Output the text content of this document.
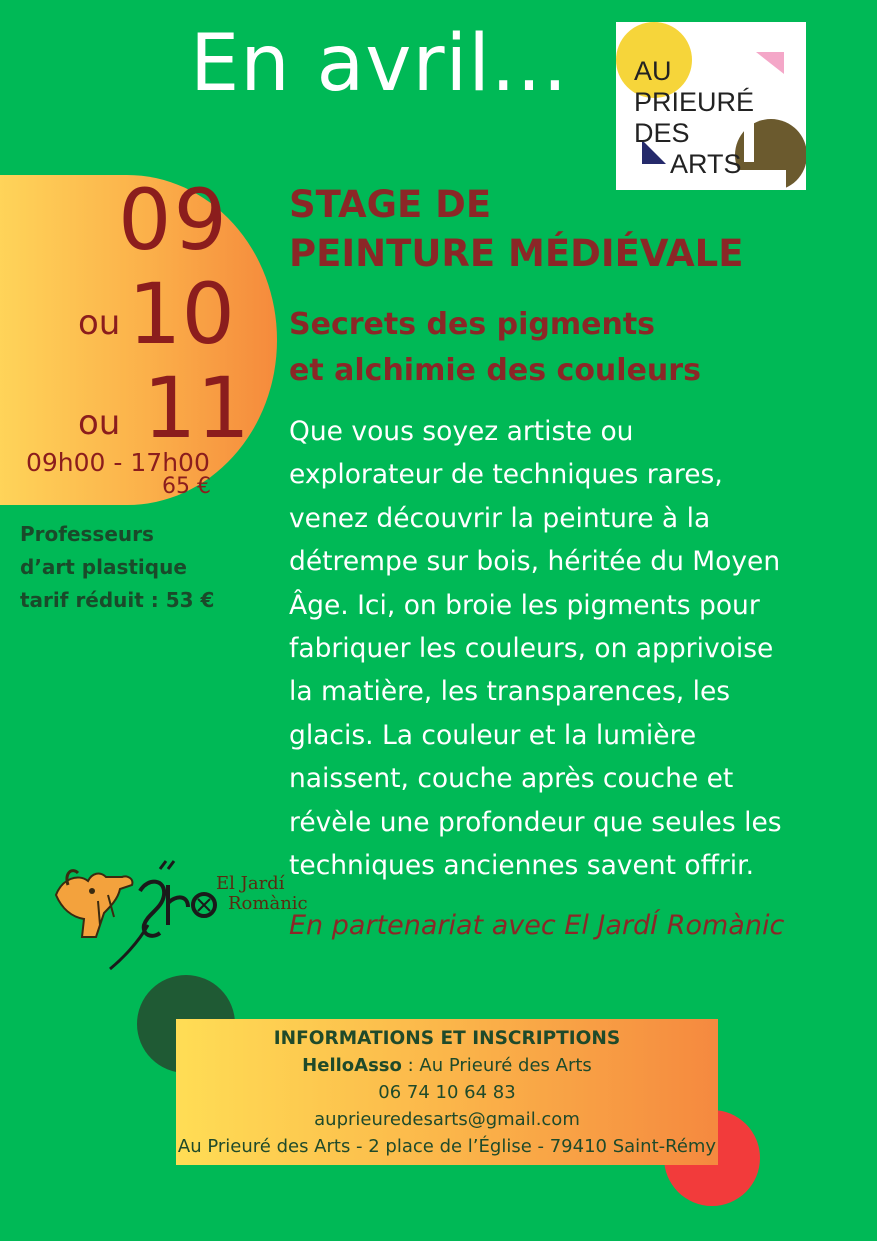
En avril... AU
PRIEURÉ
DES
ARTS

09

ou 10

ou 11

09h00 - 17h00
65 €

Professeurs
d’art plastique
tarif réduit : 53 €

STAGE DE
PEINTURE MÉDIÉVALE
Secrets des pigments
et alchimie des couleurs

Que vous soyez artiste ou
explorateur de techniques rares,
venez découvrir la peinture à la
détrempe sur bois, héritée du Moyen
Âge. Ici, on broie les pigments pour
fabriquer les couleurs, on apprivoise
la matière, les transparences, les
glacis. La couleur et la lumière
naissent, couche après couche et
révèle une profondeur que seules les
techniques anciennes savent offrir.

El Jardí
Romànic

En partenariat avec El JardÍ Romànic

INFORMATIONS ET INSCRIPTIONS
HelloAsso : Au Prieuré des Arts
06 74 10 64 83
auprieuredesarts@gmail.com
Au Prieuré des Arts - 2 place de l’Église - 79410 Saint-Rémy
